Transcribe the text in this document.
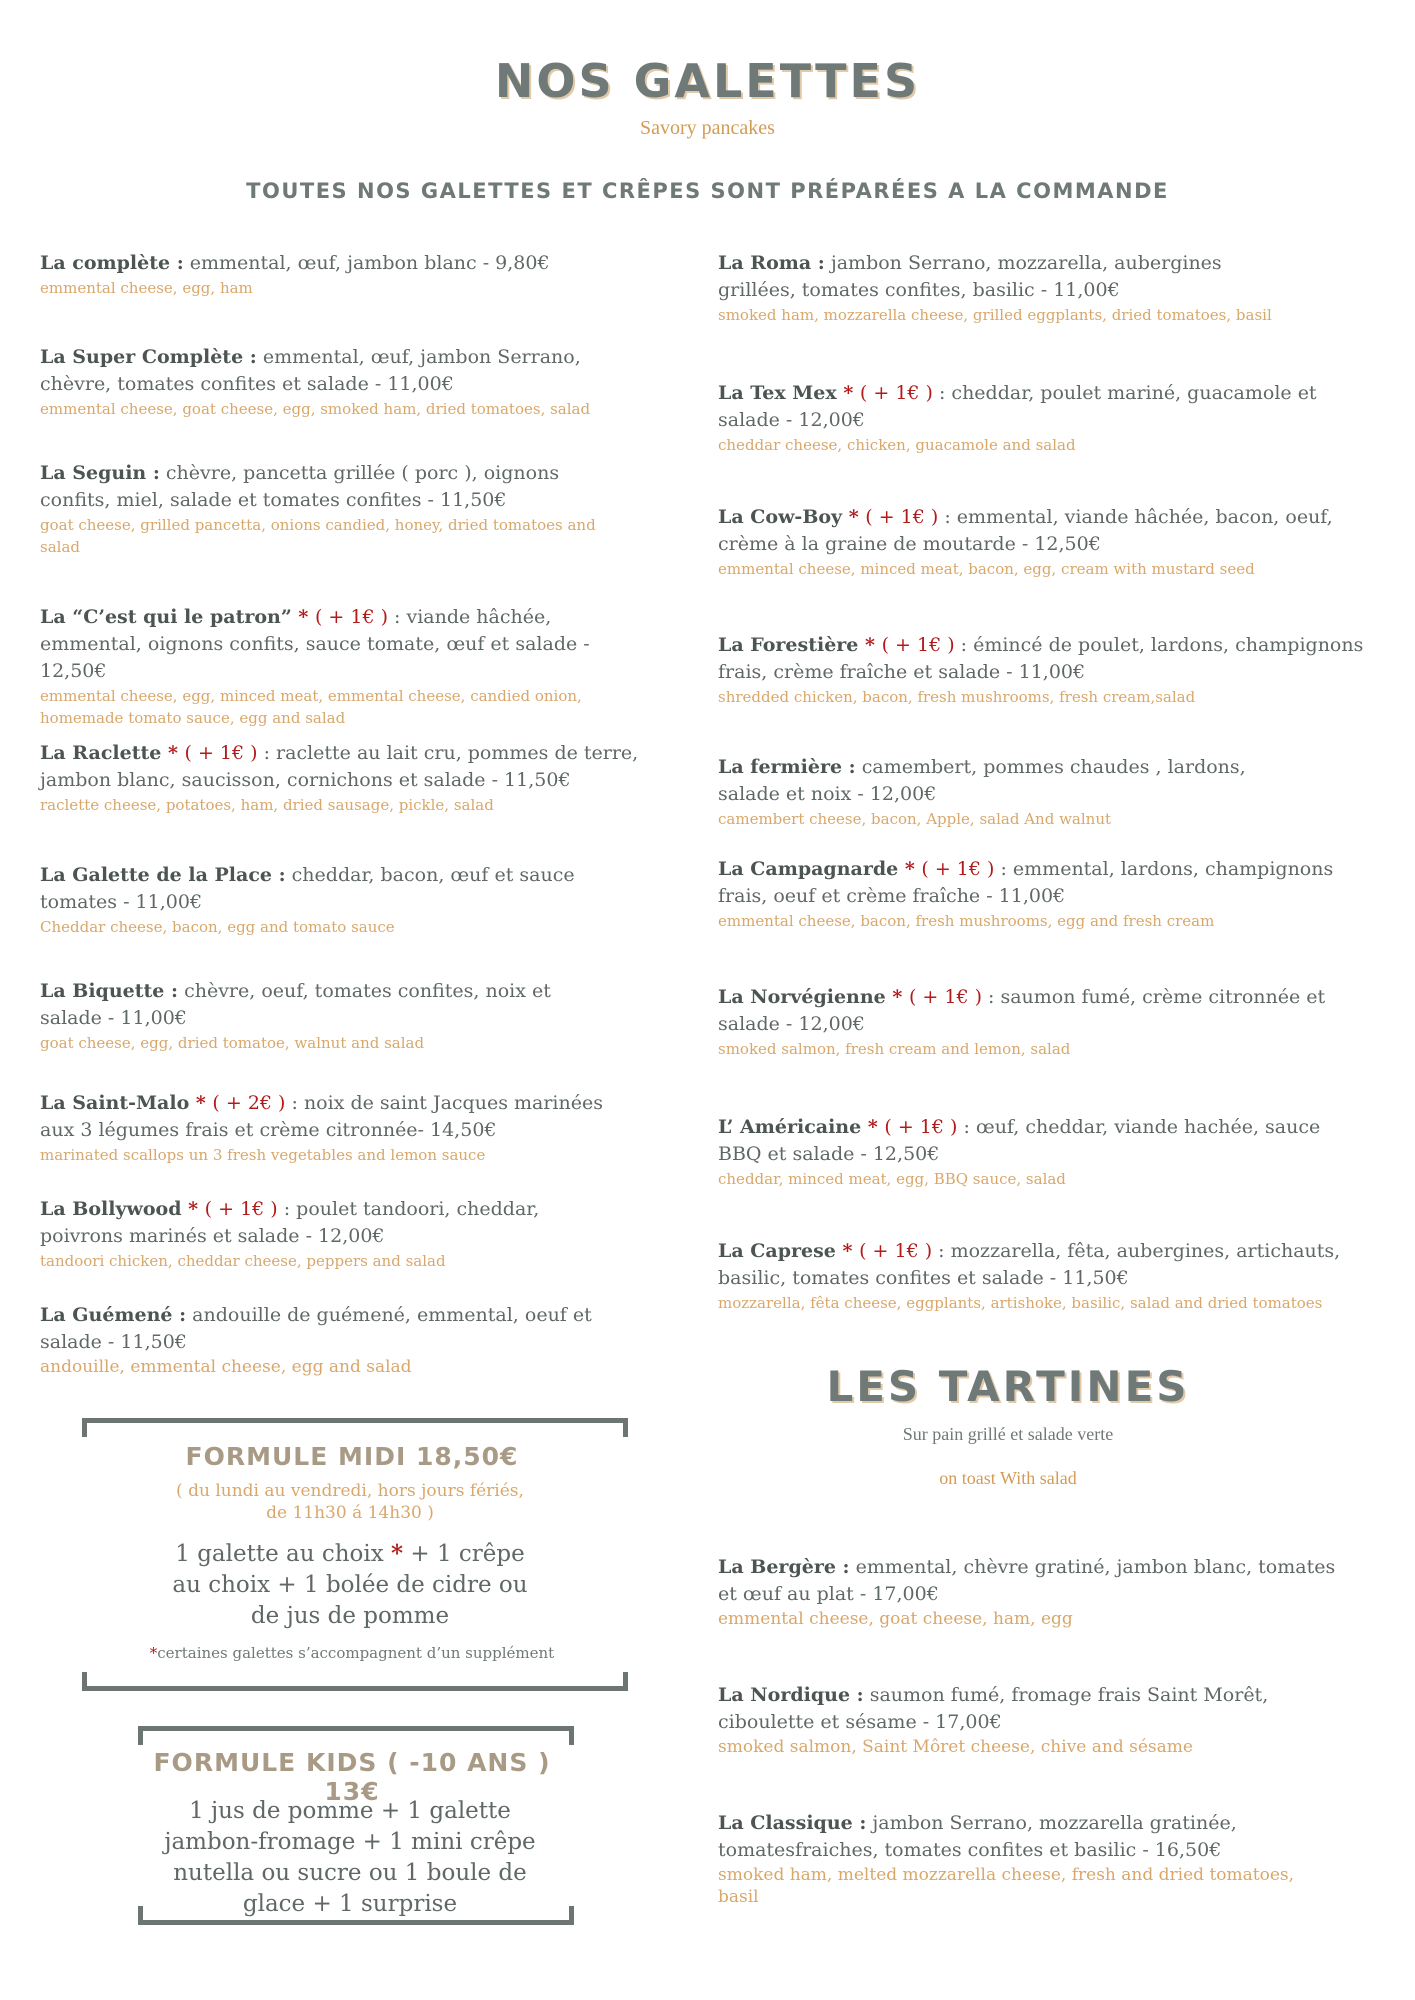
NOS GALETTES
Savory pancakes
TOUTES NOS GALETTES ET CRÊPES SONT PRÉPARÉES A LA COMMANDE
La complète : emmental, œuf, jambon blanc - 9,80€
emmental cheese, egg, ham
La Super Complète : emmental, œuf, jambon Serrano, chèvre, tomates confites et salade - 11,00€
emmental cheese, goat cheese, egg, smoked ham, dried tomatoes, salad
La Seguin : chèvre, pancetta grillée ( porc ), oignons confits, miel, salade et tomates confites - 11,50€
goat cheese, grilled pancetta, onions candied, honey, dried tomatoes and salad
La “C’est qui le patron” * ( + 1€ ) : viande hâchée, emmental, oignons confits, sauce tomate, œuf et salade - 12,50€
emmental cheese, egg, minced meat, emmental cheese, candied onion, homemade tomato sauce, egg and salad
La Raclette * ( + 1€ ) : raclette au lait cru, pommes de terre, jambon blanc, saucisson, cornichons et salade - 11,50€
raclette cheese, potatoes, ham, dried sausage, pickle, salad
La Galette de la Place : cheddar, bacon, œuf et sauce tomates - 11,00€
Cheddar cheese, bacon, egg and tomato sauce
La Biquette : chèvre, oeuf, tomates confites, noix et salade - 11,00€
goat cheese, egg, dried tomatoe, walnut and salad
La Saint-Malo * ( + 2€ ) : noix de saint Jacques marinées aux 3 légumes frais et crème citronnée- 14,50€
marinated scallops un 3 fresh vegetables and lemon sauce
La Bollywood * ( + 1€ ) : poulet tandoori, cheddar, poivrons marinés et salade - 12,00€
tandoori chicken, cheddar cheese, peppers and salad
La Guémené : andouille de guémené, emmental, oeuf et salade - 11,50€
andouille, emmental cheese, egg and salad
La Roma : jambon Serrano, mozzarella, aubergines grillées, tomates confites, basilic - 11,00€
smoked ham, mozzarella cheese, grilled eggplants, dried tomatoes, basil
La Tex Mex * ( + 1€ ) : cheddar, poulet mariné, guacamole et salade - 12,00€
cheddar cheese, chicken, guacamole and salad
La Cow-Boy * ( + 1€ ) : emmental, viande hâchée, bacon, oeuf, crème à la graine de moutarde - 12,50€
emmental cheese, minced meat, bacon, egg, cream with mustard seed
La Forestière * ( + 1€ ) : émincé de poulet, lardons, champignons frais, crème fraîche et salade - 11,00€
shredded chicken, bacon, fresh mushrooms, fresh cream,salad
La fermière : camembert, pommes chaudes , lardons, salade et noix - 12,00€
camembert cheese, bacon, Apple, salad And walnut
La Campagnarde * ( + 1€ ) : emmental, lardons, champignons frais, oeuf et crème fraîche - 11,00€
emmental cheese, bacon, fresh mushrooms, egg and fresh cream
La Norvégienne * ( + 1€ ) : saumon fumé, crème citronnée et salade - 12,00€
smoked salmon, fresh cream and lemon, salad
L’ Américaine * ( + 1€ ) : œuf, cheddar, viande hachée, sauce BBQ et salade - 12,50€
cheddar, minced meat, egg, BBQ sauce, salad
La Caprese * ( + 1€ ) : mozzarella, fêta, aubergines, artichauts, basilic, tomates confites et salade - 11,50€
mozzarella, fêta cheese, eggplants, artishoke, basilic, salad and dried tomatoes
FORMULE MIDI 18,50€
( du lundi au vendredi, hors jours fériés, de 11h30 á 14h30 )
1 galette au choix * + 1 crêpe au choix + 1 bolée de cidre ou de jus de pomme
*certaines galettes s’accompagnent d’un supplément
FORMULE KIDS ( -10 ANS ) 13€
1 jus de pomme + 1 galette jambon-fromage + 1 mini crêpe nutella ou sucre ou 1 boule de glace + 1 surprise
LES TARTINES
Sur pain grillé et salade verte
on toast With salad
La Bergère : emmental, chèvre gratiné, jambon blanc, tomates et œuf au plat - 17,00€
emmental cheese, goat cheese, ham, egg
La Nordique : saumon fumé, fromage frais Saint Morêt, ciboulette et sésame - 17,00€
smoked salmon, Saint Môret cheese, chive and sésame
La Classique : jambon Serrano, mozzarella gratinée, tomatesfraiches, tomates confites et basilic - 16,50€
smoked ham, melted mozzarella cheese, fresh and dried tomatoes, basil
